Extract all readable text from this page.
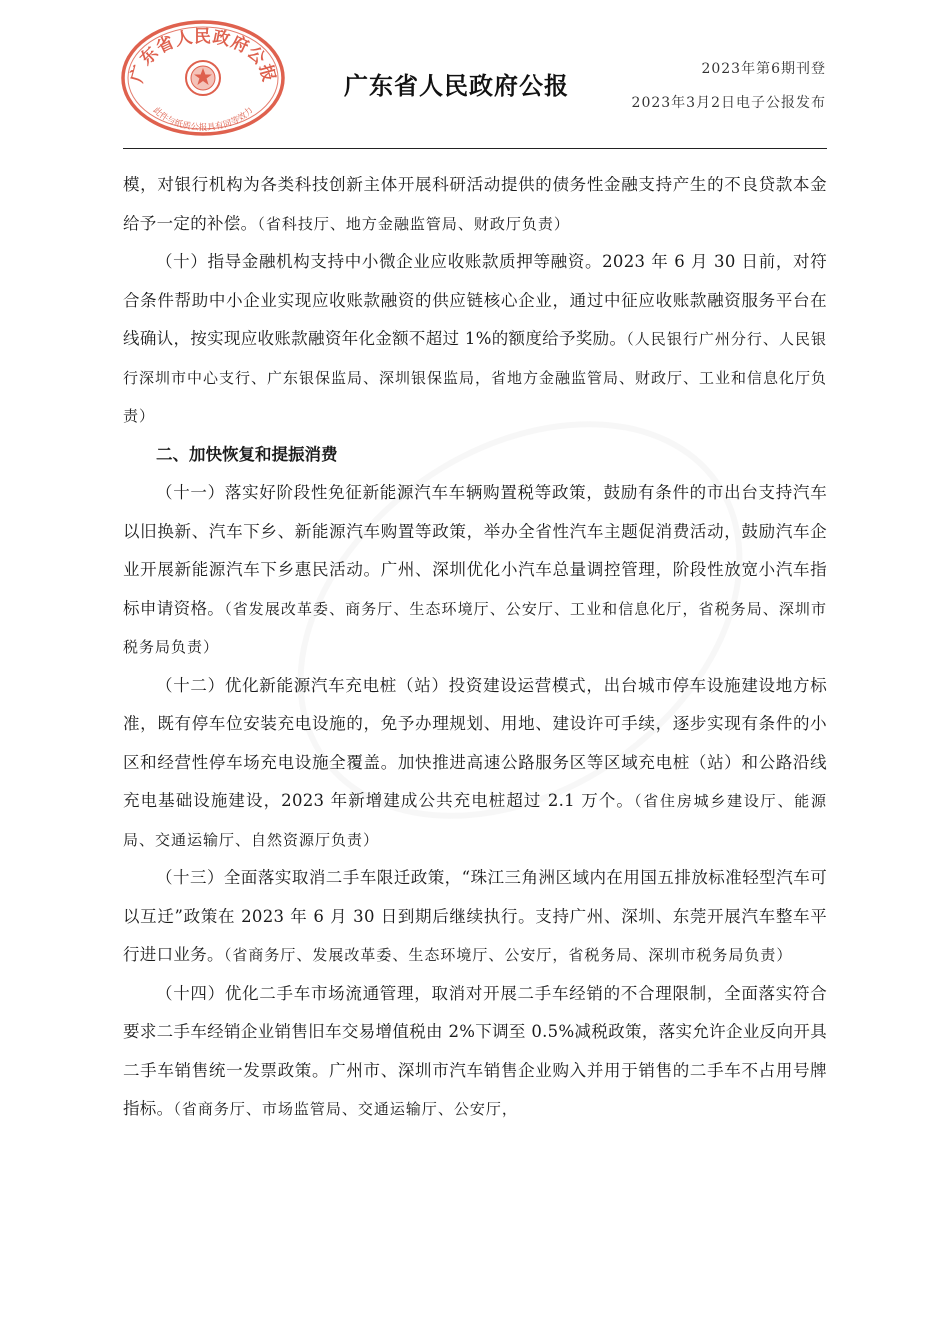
广东省人民政府公报
此件与纸质公报具有同等效力
广东省人民政府公报
2023年第6期刊登
2023年3月2日电子公报发布

模，对银行机构为各类科技创新主体开展科研活动提供的债务性金融支持产生的不良贷款本金给予一定的补偿。（省科技厅、地方金融监管局、财政厅负责）

（十）指导金融机构支持中小微企业应收账款质押等融资。2023 年 6 月 30 日前，对符合条件帮助中小企业实现应收账款融资的供应链核心企业，通过中征应收账款融资服务平台在线确认，按实现应收账款融资年化金额不超过 1%的额度给予奖励。（人民银行广州分行、人民银行深圳市中心支行、广东银保监局、深圳银保监局，省地方金融监管局、财政厅、工业和信息化厅负责）

二、加快恢复和提振消费

（十一）落实好阶段性免征新能源汽车车辆购置税等政策，鼓励有条件的市出台支持汽车以旧换新、汽车下乡、新能源汽车购置等政策，举办全省性汽车主题促消费活动，鼓励汽车企业开展新能源汽车下乡惠民活动。广州、深圳优化小汽车总量调控管理，阶段性放宽小汽车指标申请资格。（省发展改革委、商务厅、生态环境厅、公安厅、工业和信息化厅，省税务局、深圳市税务局负责）

（十二）优化新能源汽车充电桩（站）投资建设运营模式，出台城市停车设施建设地方标准，既有停车位安装充电设施的，免予办理规划、用地、建设许可手续，逐步实现有条件的小区和经营性停车场充电设施全覆盖。加快推进高速公路服务区等区域充电桩（站）和公路沿线充电基础设施建设，2023 年新增建成公共充电桩超过 2.1 万个。（省住房城乡建设厅、能源局、交通运输厅、自然资源厅负责）

（十三）全面落实取消二手车限迁政策，“珠江三角洲区域内在用国五排放标准轻型汽车可以互迁”政策在 2023 年 6 月 30 日到期后继续执行。支持广州、深圳、东莞开展汽车整车平行进口业务。（省商务厅、发展改革委、生态环境厅、公安厅，省税务局、深圳市税务局负责）

（十四）优化二手车市场流通管理，取消对开展二手车经销的不合理限制，全面落实符合要求二手车经销企业销售旧车交易增值税由 2%下调至 0.5%减税政策，落实允许企业反向开具二手车销售统一发票政策。广州市、深圳市汽车销售企业购入并用于销售的二手车不占用号牌指标。（省商务厅、市场监管局、交通运输厅、公安厅，
